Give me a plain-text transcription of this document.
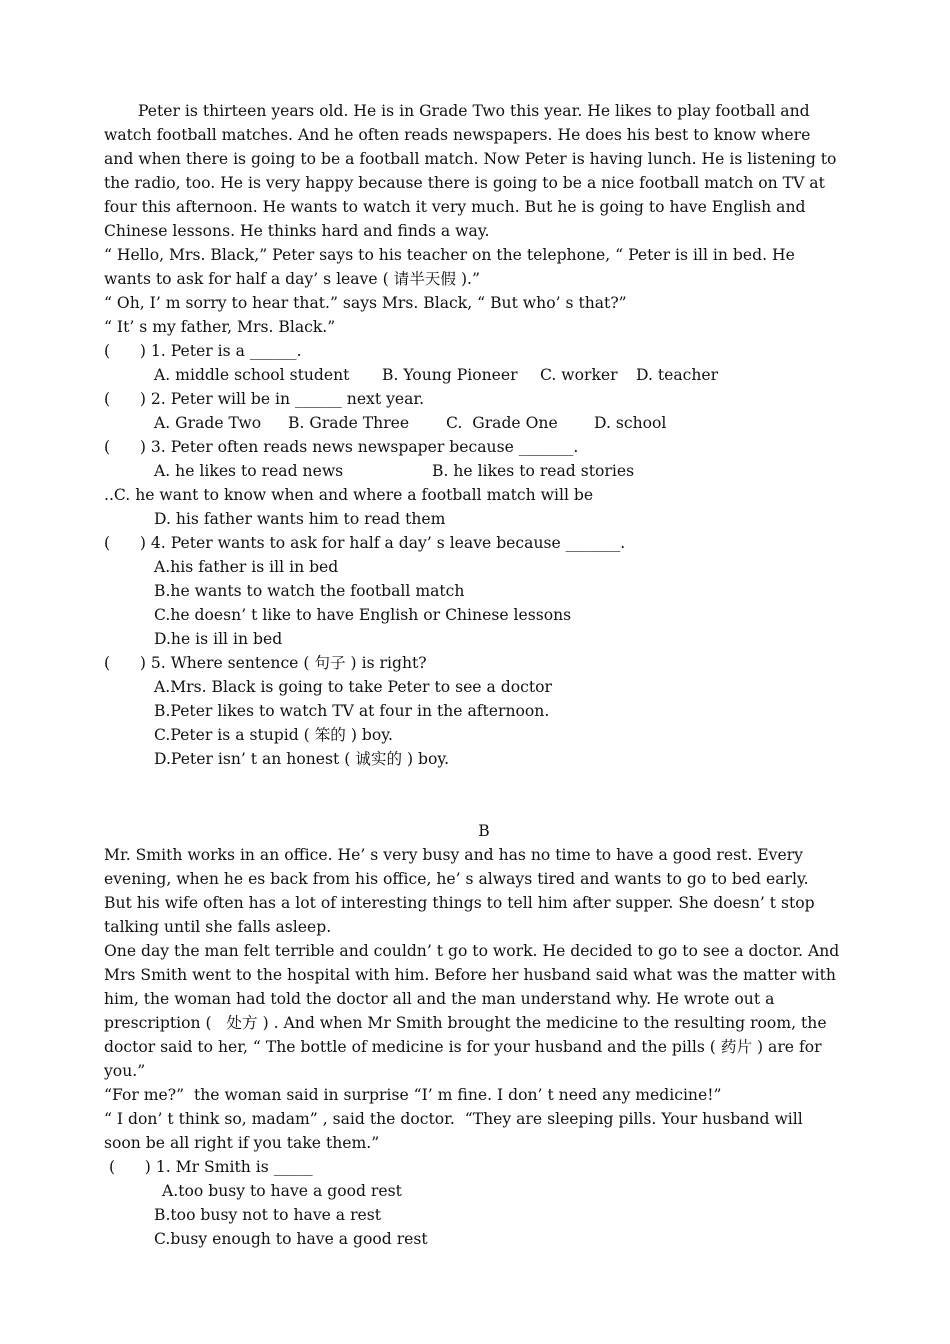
Peter is thirteen years old. He is in Grade Two this year. He likes to play football and
watch football matches. And he often reads newspapers. He does his best to know where
and when there is going to be a football match. Now Peter is having lunch. He is listening to
the radio, too. He is very happy because there is going to be a nice football match on TV at
four this afternoon. He wants to watch it very much. But he is going to have English and
Chinese lessons. He thinks hard and finds a way.
“ Hello, Mrs. Black,” Peter says to his teacher on the telephone, “ Peter is ill in bed. He
wants to ask for half a day’ s leave ( 请半天假 ).”
“ Oh, I’ m sorry to hear that.” says Mrs. Black, “ But who’ s that?”
“ It’ s my father, Mrs. Black.”
(      ) 1. Peter is a ______.
A. middle school student B. Young Pioneer C. worker D. teacher
(      ) 2. Peter will be in ______ next year.
A. Grade Two B. Grade Three C.  Grade One D. school
(      ) 3. Peter often reads news newspaper because _______.
A. he likes to read news	B. he likes to read stories
..C. he want to know when and where a football match will be
D. his father wants him to read them
(      ) 4. Peter wants to ask for half a day’ s leave because _______.
A.his father is ill in bed
B.he wants to watch the football match
C.he doesn’ t like to have English or Chinese lessons
D.he is ill in bed
(      ) 5. Where sentence ( 句子 ) is right?
A.Mrs. Black is going to take Peter to see a doctor
B.Peter likes to watch TV at four in the afternoon.
C.Peter is a stupid ( 笨的 ) boy.
D.Peter isn’ t an honest ( 诚实的 ) boy.
B
Mr. Smith works in an office. He’ s very busy and has no time to have a good rest. Every
evening, when he es back from his office, he’ s always tired and wants to go to bed early.
But his wife often has a lot of interesting things to tell him after supper. She doesn’ t stop
talking until she falls asleep.
One day the man felt terrible and couldn’ t go to work. He decided to go to see a doctor. And
Mrs Smith went to the hospital with him. Before her husband said what was the matter with
him, the woman had told the doctor all and the man understand why. He wrote out a
prescription (   处方 ) . And when Mr Smith brought the medicine to the resulting room, the
doctor said to her, “ The bottle of medicine is for your husband and the pills ( 药片 ) are for
you.”
“For me?”  the woman said in surprise “I’ m fine. I don’ t need any medicine!”
“ I don’ t think so, madam” , said the doctor.  “They are sleeping pills. Your husband will
soon be all right if you take them.”
(      ) 1. Mr Smith is _____
A.too busy to have a good rest
B.too busy not to have a rest
C.busy enough to have a good rest
